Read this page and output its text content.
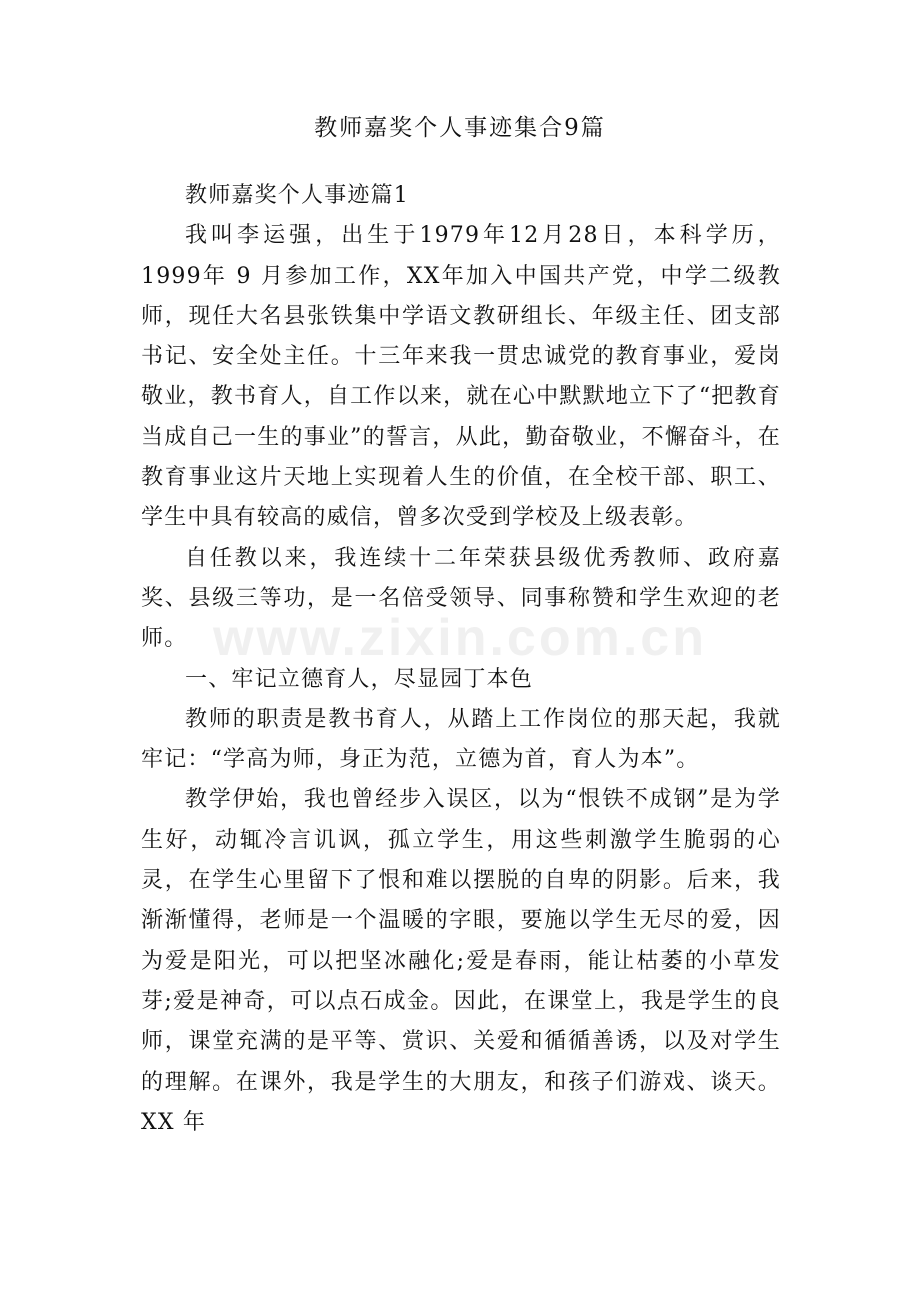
教师嘉奖个人事迹集合9篇

教师嘉奖个人事迹篇1

我叫李运强，出生于1979年12月28日，本科学历，1999年 9 月参加工作，XX年加入中国共产党，中学二级教师，现任大名县张铁集中学语文教研组长、年级主任、团支部书记、安全处主任。十三年来我一贯忠诚党的教育事业，爱岗敬业，教书育人，自工作以来，就在心中默默地立下了“把教育当成自己一生的事业”的誓言，从此，勤奋敬业，不懈奋斗，在教育事业这片天地上实现着人生的价值，在全校干部、职工、学生中具有较高的威信，曾多次受到学校及上级表彰。

自任教以来，我连续十二年荣获县级优秀教师、政府嘉奖、县级三等功，是一名倍受领导、同事称赞和学生欢迎的老师。

一、牢记立德育人，尽显园丁本色

教师的职责是教书育人，从踏上工作岗位的那天起，我就牢记：“学高为师，身正为范，立德为首，育人为本”。

教学伊始，我也曾经步入误区，以为“恨铁不成钢”是为学生好，动辄冷言讥讽，孤立学生，用这些刺激学生脆弱的心灵，在学生心里留下了恨和难以摆脱的自卑的阴影。后来，我渐渐懂得，老师是一个温暖的字眼，要施以学生无尽的爱，因为爱是阳光，可以把坚冰融化;爱是春雨，能让枯萎的小草发芽;爱是神奇，可以点石成金。因此，在课堂上，我是学生的良师，课堂充满的是平等、赏识、关爱和循循善诱，以及对学生的理解。在课外，我是学生的大朋友，和孩子们游戏、谈天。XX 年

www.zixin.com.cn
